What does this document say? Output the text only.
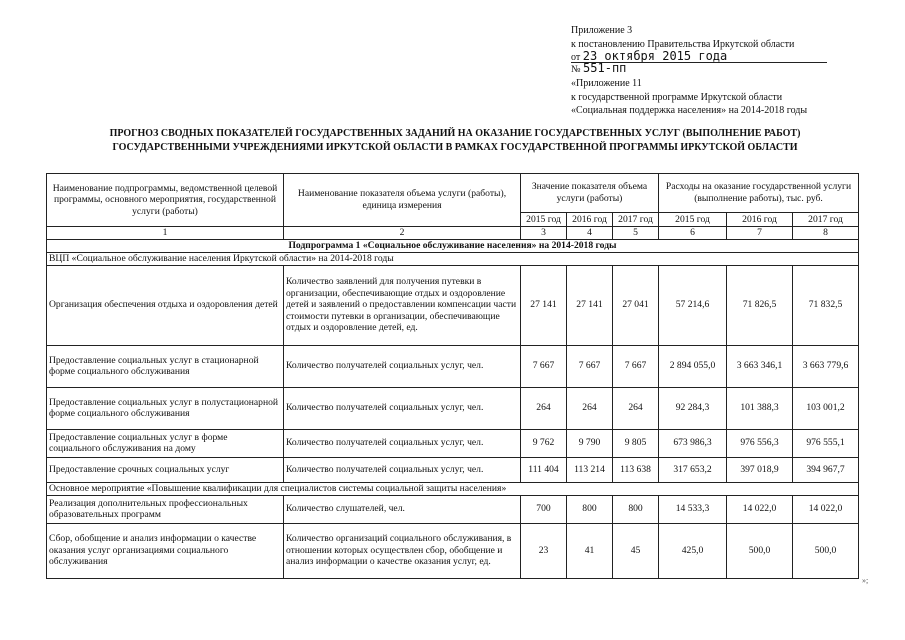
Приложение 3
к постановлению Правительства Иркутской области
от 23 октября 2015 года
№ 551-пп
«Приложение 11
к государственной программе Иркутской области
«Социальная поддержка населения» на 2014-2018 годы
ПРОГНОЗ СВОДНЫХ ПОКАЗАТЕЛЕЙ ГОСУДАРСТВЕННЫХ ЗАДАНИЙ НА ОКАЗАНИЕ ГОСУДАРСТВЕННЫХ УСЛУГ (ВЫПОЛНЕНИЕ РАБОТ)
ГОСУДАРСТВЕННЫМИ УЧРЕЖДЕНИЯМИ ИРКУТСКОЙ ОБЛАСТИ В РАМКАХ ГОСУДАРСТВЕННОЙ ПРОГРАММЫ ИРКУТСКОЙ ОБЛАСТИ
Наименование подпрограммы, ведомственной целевой программы, основного мероприятия, государственной услуги (работы)	Наименование показателя объема услуги (работы), единица измерения	Значение показателя объема услуги (работы)			Расходы на оказание государственной услуги (выполнение работы), тыс. руб.		
		2015 год	2016 год	2017 год	2015 год	2016 год	2017 год
1	2	3	4	5	6	7	8
Подпрограмма 1 «Социальное обслуживание населения» на 2014-2018 годы							
ВЦП «Социальное обслуживание населения Иркутской области» на 2014-2018 годы							
Организация обеспечения отдыха и оздоровления детей	Количество заявлений для получения путевки в организации, обеспечивающие отдых и оздоровление детей и заявлений о предоставлении компенсации части стоимости путевки в организации, обеспечивающие отдых и оздоровление детей, ед.	27 141	27 141	27 041	57 214,6	71 826,5	71 832,5
Предоставление социальных услуг в стационарной форме социального обслуживания	Количество получателей социальных услуг, чел.	7 667	7 667	7 667	2 894 055,0	3 663 346,1	3 663 779,6
Предоставление социальных услуг в полустационарной форме социального обслуживания	Количество получателей социальных услуг, чел.	264	264	264	92 284,3	101 388,3	103 001,2
Предоставление социальных услуг в форме социального обслуживания на дому	Количество получателей социальных услуг, чел.	9 762	9 790	9 805	673 986,3	976 556,3	976 555,1
Предоставление срочных социальных услуг	Количество получателей социальных услуг, чел.	111 404	113 214	113 638	317 653,2	397 018,9	394 967,7
Основное мероприятие «Повышение квалификации для специалистов системы социальной защиты населения»							
Реализация дополнительных профессиональных образовательных программ	Количество слушателей, чел.	700	800	800	14 533,3	14 022,0	14 022,0
Сбор, обобщение и анализ информации о качестве оказания услуг организациями социального обслуживания	Количество организаций социального обслуживания, в отношении которых осуществлен сбор, обобщение и анализ информации о качестве оказания услуг, ед.	23	41	45	425,0	500,0	500,0
»;
